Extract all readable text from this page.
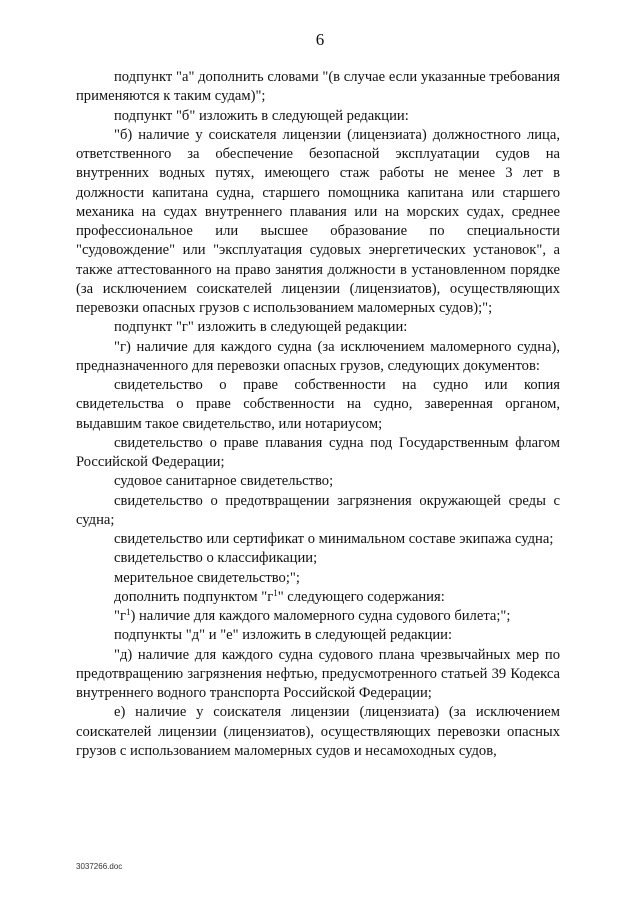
6

подпункт "а" дополнить словами "(в случае если указанные требования применяются к таким судам)";

подпункт "б" изложить в следующей редакции:

"б) наличие у соискателя лицензии (лицензиата) должностного лица, ответственного за обеспечение безопасной эксплуатации судов на внутренних водных путях, имеющего стаж работы не менее 3 лет в должности капитана судна, старшего помощника капитана или старшего механика на судах внутреннего плавания или на морских судах, среднее профессиональное или высшее образование по специальности "судовождение" или "эксплуатация судовых энергетических установок", а также аттестованного на право занятия должности в установленном порядке (за исключением соискателей лицензии (лицензиатов), осуществляющих перевозки опасных грузов с использованием маломерных судов);";

подпункт "г" изложить в следующей редакции:

"г) наличие для каждого судна (за исключением маломерного судна), предназначенного для перевозки опасных грузов, следующих документов:

свидетельство о праве собственности на судно или копия свидетельства о праве собственности на судно, заверенная органом, выдавшим такое свидетельство, или нотариусом;

свидетельство о праве плавания судна под Государственным флагом Российской Федерации;

судовое санитарное свидетельство;

свидетельство о предотвращении загрязнения окружающей среды с судна;

свидетельство или сертификат о минимальном составе экипажа судна;

свидетельство о классификации;

мерительное свидетельство;";

дополнить подпунктом "$г^1$" следующего содержания:

"$г^1$) наличие для каждого маломерного судна судового билета;";

подпункты "д" и "е" изложить в следующей редакции:

"д) наличие для каждого судна судового плана чрезвычайных мер по предотвращению загрязнения нефтью, предусмотренного статьей 39 Кодекса внутреннего водного транспорта Российской Федерации;

е) наличие у соискателя лицензии (лицензиата) (за исключением соискателей лицензии (лицензиатов), осуществляющих перевозки опасных грузов с использованием маломерных судов и несамоходных судов,

3037266.doc
